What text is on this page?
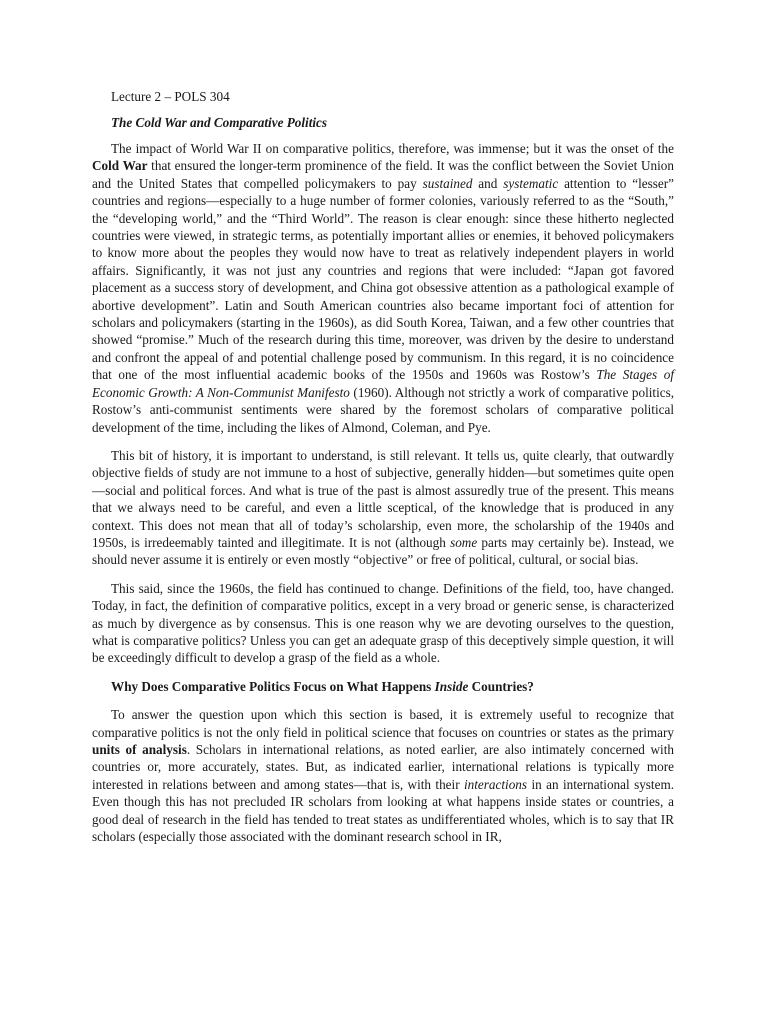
Lecture 2 – POLS 304
The Cold War and Comparative Politics

The impact of World War II on comparative politics, therefore, was immense; but it was the onset of the Cold War that ensured the longer-term prominence of the field. It was the conflict between the Soviet Union and the United States that compelled policymakers to pay sustained and systematic attention to “lesser” countries and regions—especially to a huge number of former colonies, variously referred to as the “South,” the “developing world,” and the “Third World”. The reason is clear enough: since these hitherto neglected countries were viewed, in strategic terms, as potentially important allies or enemies, it behoved policymakers to know more about the peoples they would now have to treat as relatively independent players in world affairs. Significantly, it was not just any countries and regions that were included: “Japan got favored placement as a success story of development, and China got obsessive attention as a pathological example of abortive development”. Latin and South American countries also became important foci of attention for scholars and policymakers (starting in the 1960s), as did South Korea, Taiwan, and a few other countries that showed “promise.” Much of the research during this time, moreover, was driven by the desire to understand and confront the appeal of and potential challenge posed by communism. In this regard, it is no coincidence that one of the most influential academic books of the 1950s and 1960s was Rostow’s The Stages of Economic Growth: A Non-Communist Manifesto (1960). Although not strictly a work of comparative politics, Rostow’s anti-communist sentiments were shared by the foremost scholars of comparative political development of the time, including the likes of Almond, Coleman, and Pye.

This bit of history, it is important to understand, is still relevant. It tells us, quite clearly, that outwardly objective fields of study are not immune to a host of subjective, generally hidden—but sometimes quite open—social and political forces. And what is true of the past is almost assuredly true of the present. This means that we always need to be careful, and even a little sceptical, of the knowledge that is produced in any context. This does not mean that all of today’s scholarship, even more, the scholarship of the 1940s and 1950s, is irredeemably tainted and illegitimate. It is not (although some parts may certainly be). Instead, we should never assume it is entirely or even mostly “objective” or free of political, cultural, or social bias.

This said, since the 1960s, the field has continued to change. Definitions of the field, too, have changed. Today, in fact, the definition of comparative politics, except in a very broad or generic sense, is characterized as much by divergence as by consensus. This is one reason why we are devoting ourselves to the question, what is comparative politics? Unless you can get an adequate grasp of this deceptively simple question, it will be exceedingly difficult to develop a grasp of the field as a whole.

Why Does Comparative Politics Focus on What Happens Inside Countries?

To answer the question upon which this section is based, it is extremely useful to recognize that comparative politics is not the only field in political science that focuses on countries or states as the primary units of analysis. Scholars in international relations, as noted earlier, are also intimately concerned with countries or, more accurately, states. But, as indicated earlier, international relations is typically more interested in relations between and among states—that is, with their interactions in an international system. Even though this has not precluded IR scholars from looking at what happens inside states or countries, a good deal of research in the field has tended to treat states as undifferentiated wholes, which is to say that IR scholars (especially those associated with the dominant research school in IR,
